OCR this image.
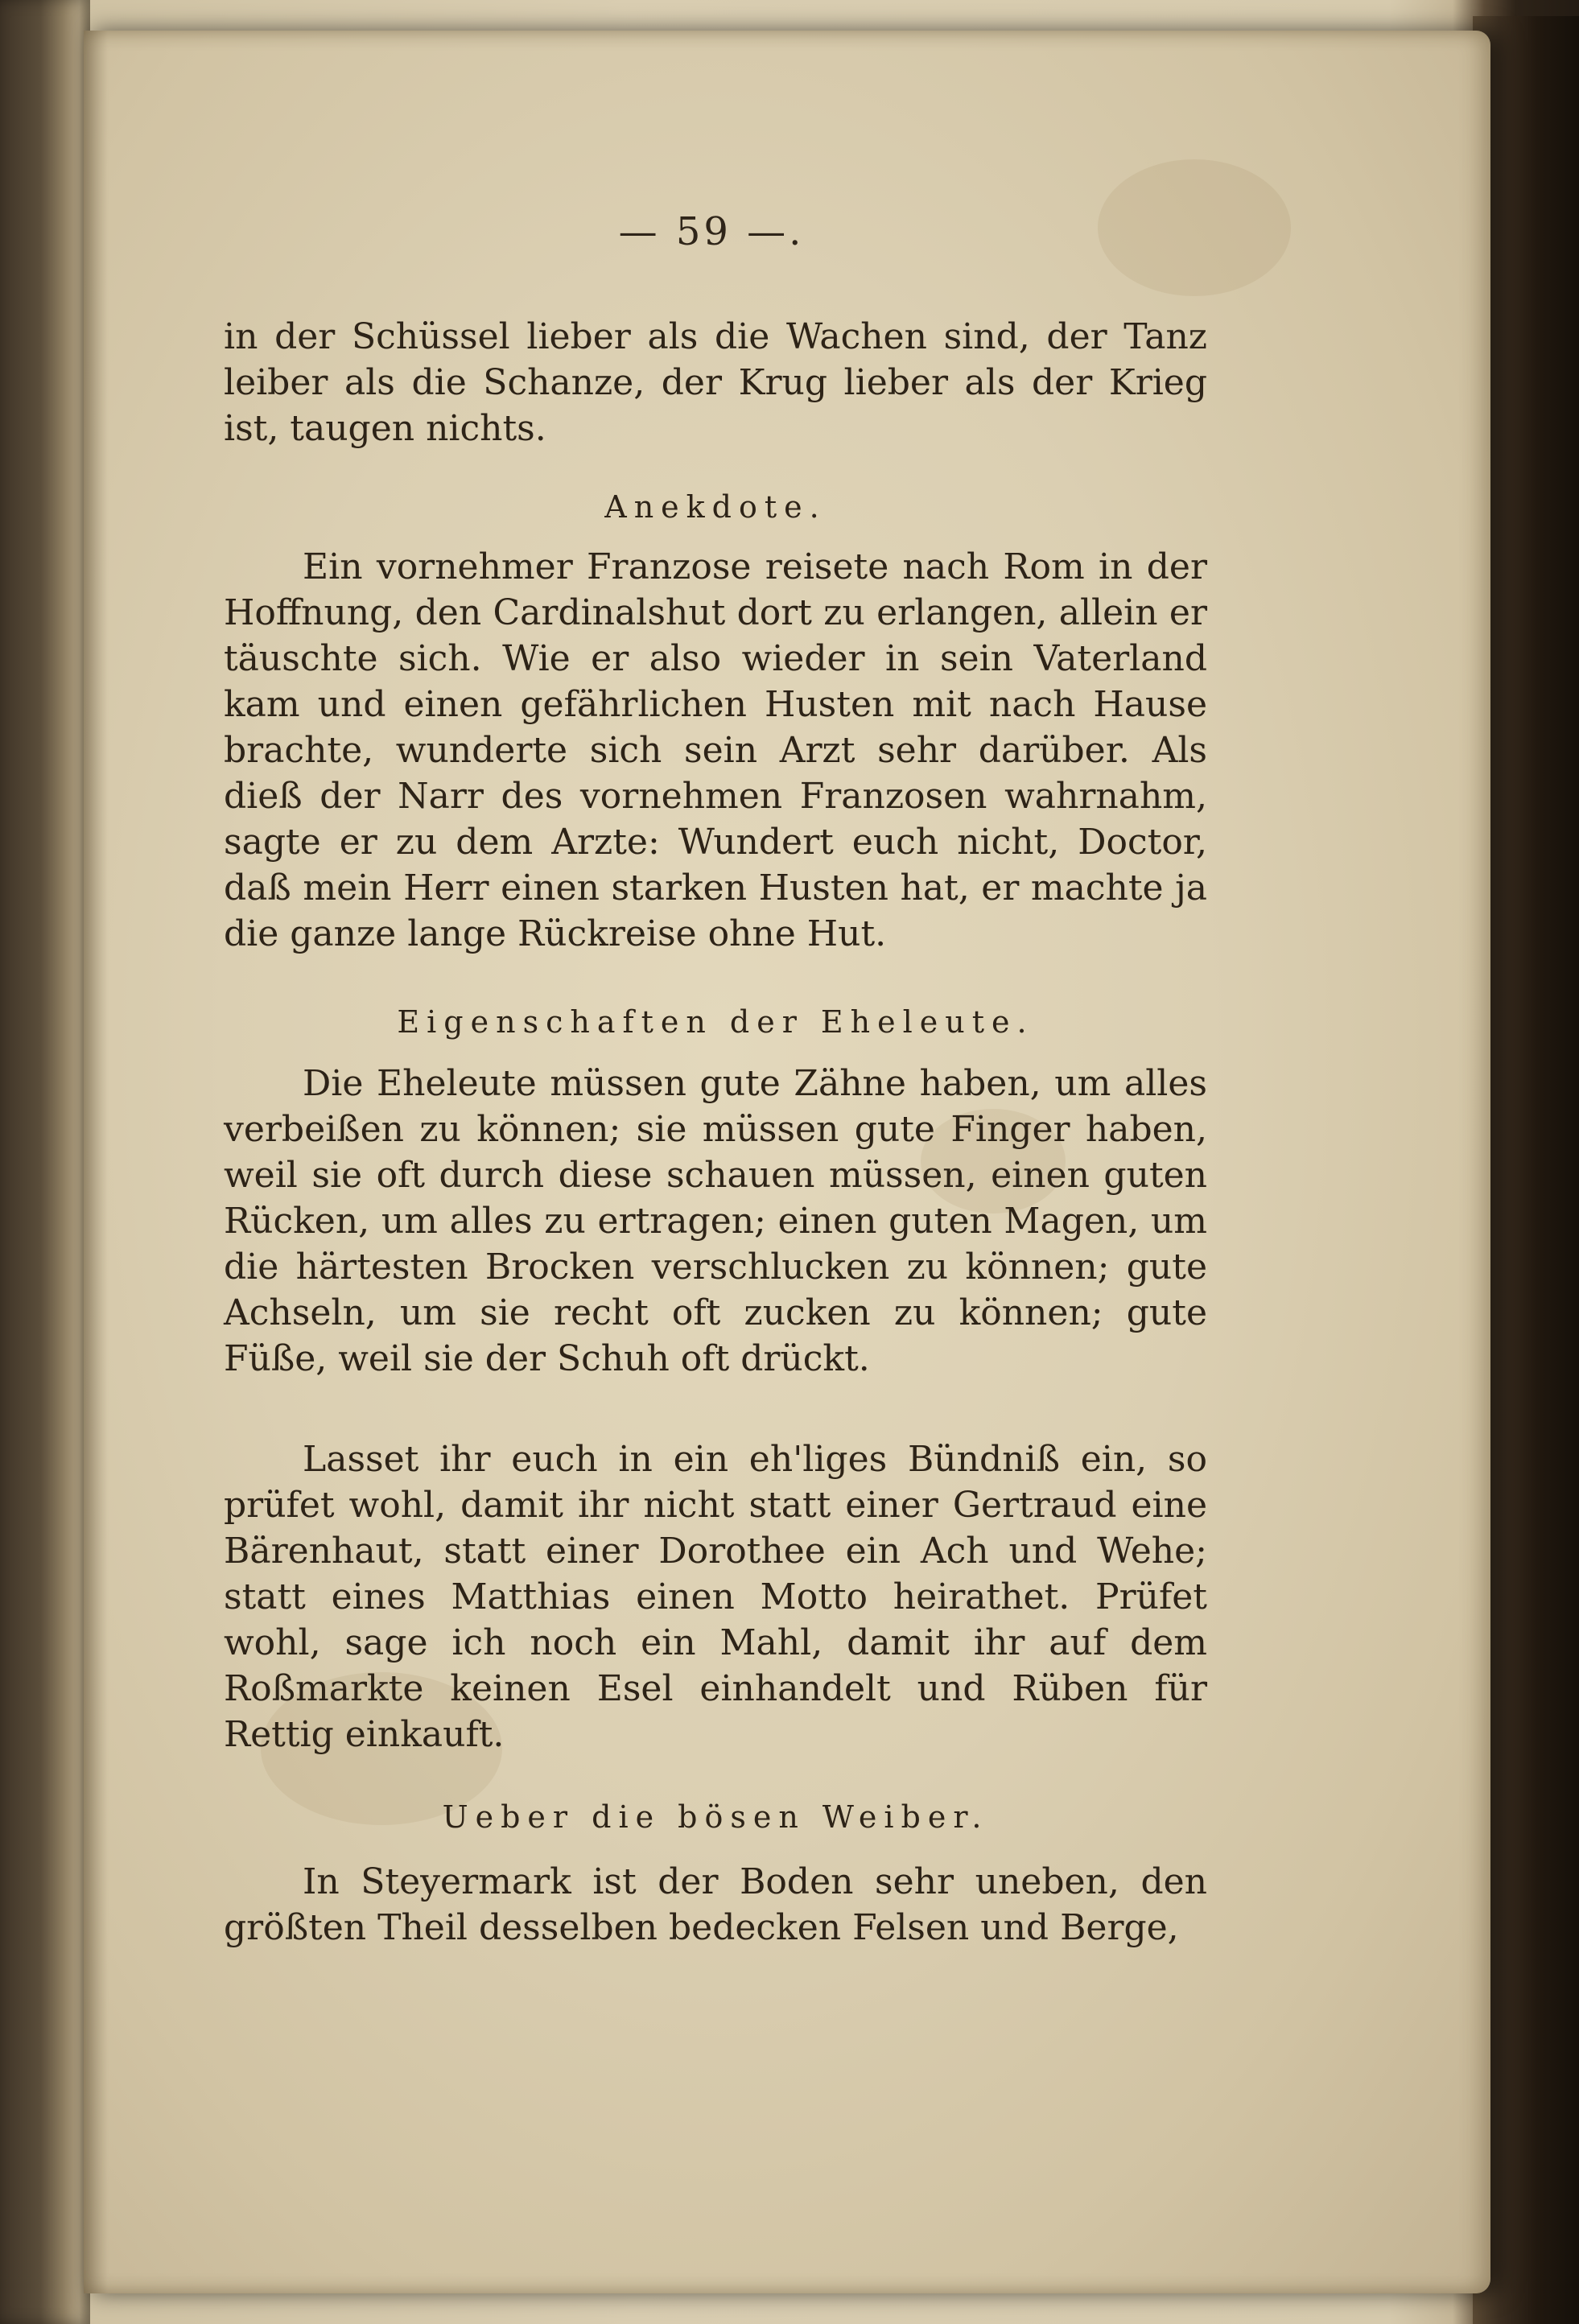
— 59 —.
in der Schüssel lieber als die Wachen sind, der Tanz leiber als die Schanze, der Krug lieber als der Krieg ist, taugen nichts.
Anekdote.
Ein vornehmer Franzose reisete nach Rom in der Hoffnung, den Cardinalshut dort zu erlangen, allein er täuschte sich. Wie er also wieder in sein Vaterland kam und einen gefährlichen Husten mit nach Hause brachte, wunderte sich sein Arzt sehr darüber. Als dieß der Narr des vornehmen Franzosen wahrnahm, sagte er zu dem Arzte: Wundert euch nicht, Doctor, daß mein Herr einen starken Husten hat, er machte ja die ganze lange Rückreise ohne Hut.
Eigenschaften der Eheleute.
Die Eheleute müssen gute Zähne haben, um alles verbeißen zu können; sie müssen gute Finger haben, weil sie oft durch diese schauen müssen, einen guten Rücken, um alles zu ertragen; einen guten Magen, um die härtesten Brocken verschlucken zu können; gute Achseln, um sie recht oft zucken zu können; gute Füße, weil sie der Schuh oft drückt.
Lasset ihr euch in ein eh'liges Bündniß ein, so prüfet wohl, damit ihr nicht statt einer Gertraud eine Bärenhaut, statt einer Dorothee ein Ach und Wehe; statt eines Matthias einen Motto heirathet. Prüfet wohl, sage ich noch ein Mahl, damit ihr auf dem Roßmarkte keinen Esel einhandelt und Rüben für Rettig einkauft.
Ueber die bösen Weiber.
In Steyermark ist der Boden sehr uneben, den größten Theil desselben bedecken Felsen und Berge,
